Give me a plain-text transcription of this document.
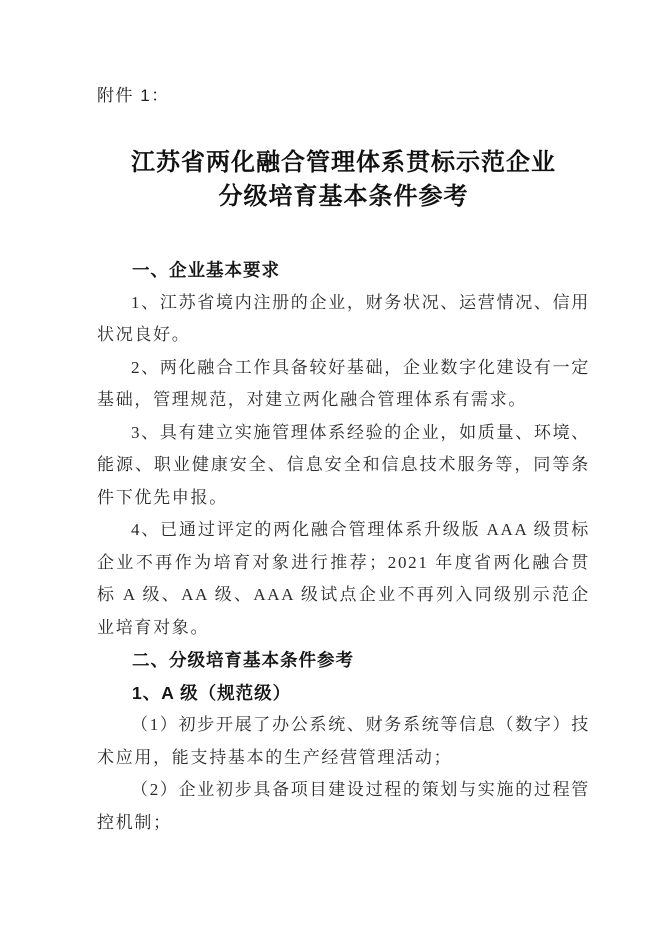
附件 1：
江苏省两化融合管理体系贯标示范企业
分级培育基本条件参考

一、企业基本要求

1、江苏省境内注册的企业，财务状况、运营情况、信用状况良好。

2、两化融合工作具备较好基础，企业数字化建设有一定基础，管理规范，对建立两化融合管理体系有需求。

3、具有建立实施管理体系经验的企业，如质量、环境、能源、职业健康安全、信息安全和信息技术服务等，同等条件下优先申报。

4、已通过评定的两化融合管理体系升级版 AAA 级贯标企业不再作为培育对象进行推荐；2021 年度省两化融合贯标 A 级、AA 级、AAA 级试点企业不再列入同级别示范企业培育对象。

二、分级培育基本条件参考

1、A 级（规范级）

（1）初步开展了办公系统、财务系统等信息（数字）技术应用，能支持基本的生产经营管理活动；

（2）企业初步具备项目建设过程的策划与实施的过程管控机制；
